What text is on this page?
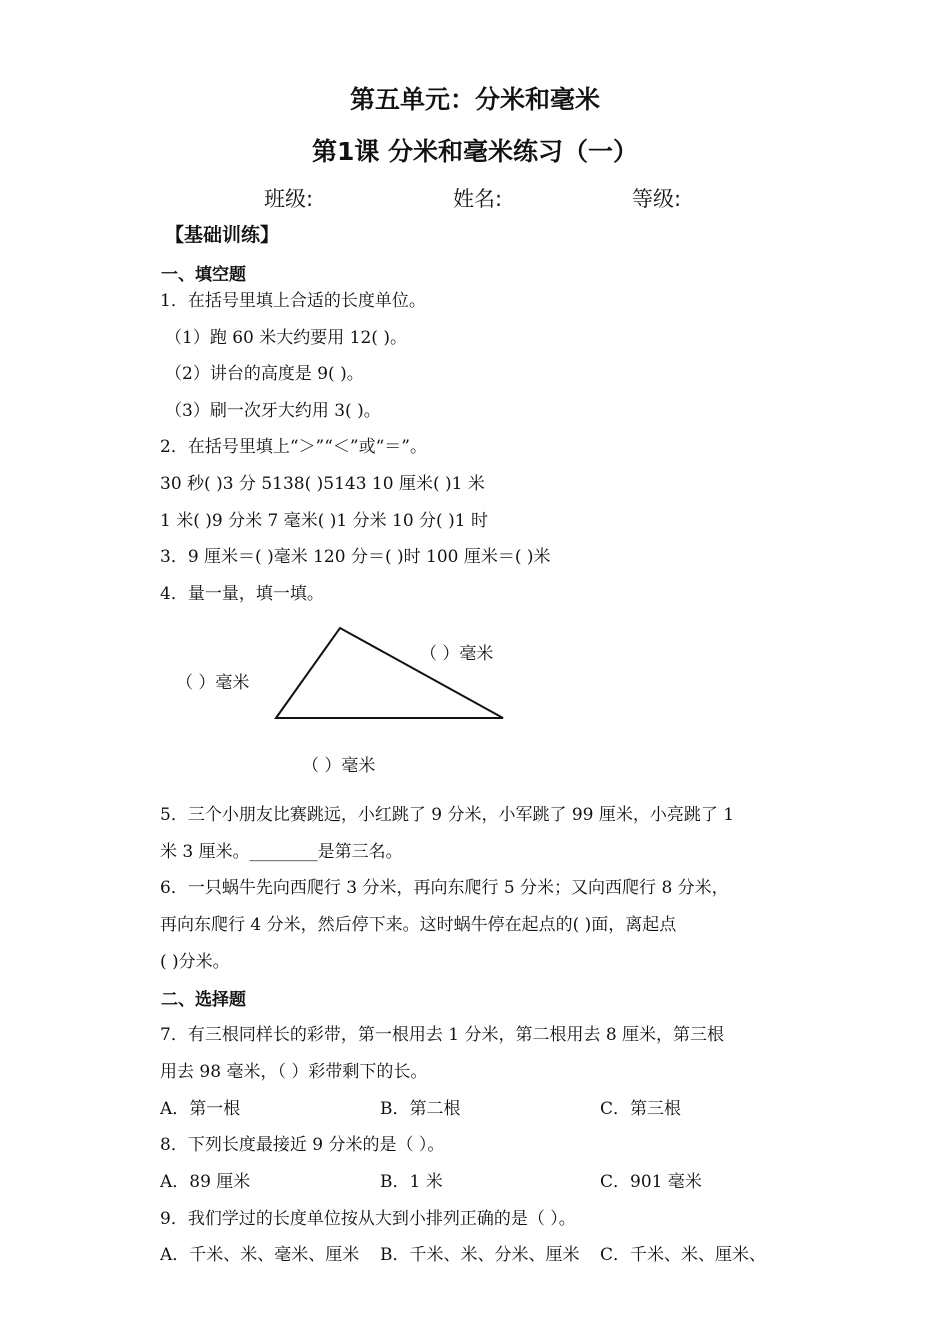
第五单元：分米和毫米
第1课 分米和毫米练习（一）
班级:	姓名:	等级:
【基础训练】
一、填空题
1．在括号里填上合适的长度单位。
（1）跑 60 米大约要用 12( )。
（2）讲台的高度是 9( )。
（3）刷一次牙大约用 3( )。
2．在括号里填上“＞”“＜”或“＝”。
30 秒( )3 分 5138( )5143 10 厘米( )1 米
1 米( )9 分米 7 毫米( )1 分米 10 分( )1 时
3．9 厘米＝( )毫米 120 分＝( )时 100 厘米＝( )米
4．量一量，填一填。
（ ）毫米
（ ）毫米
（ ）毫米
5．三个小朋友比赛跳远，小红跳了 9 分米，小军跳了 99 厘米，小亮跳了 1
米 3 厘米。________是第三名。
6．一只蜗牛先向西爬行 3 分米，再向东爬行 5 分米；又向西爬行 8 分米，
再向东爬行 4 分米，然后停下来。这时蜗牛停在起点的( )面，离起点
( )分米。
二、选择题
7．有三根同样长的彩带，第一根用去 1 分米，第二根用去 8 厘米，第三根
用去 98 毫米，（ ）彩带剩下的长。
A．第一根	B．第二根	C．第三根
8．下列长度最接近 9 分米的是（ ）。
A．89 厘米	B．1 米	C．901 毫米
9．我们学过的长度单位按从大到小排列正确的是（ ）。
A．千米、米、毫米、厘米 B．千米、米、分米、厘米 C．千米、米、厘米、
